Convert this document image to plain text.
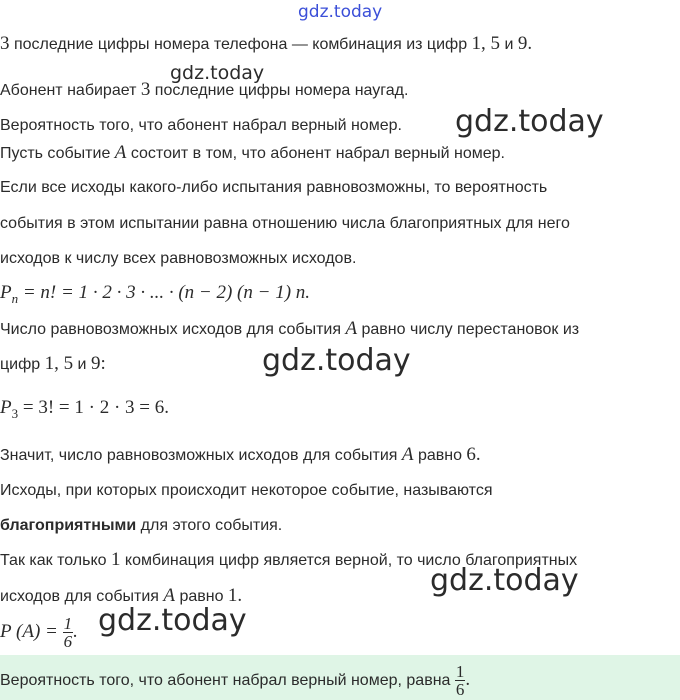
gdz.today
3 последние цифры номера телефона — комбинация из цифр 1, 5 и 9.
gdz.today
Абонент набирает 3 последние цифры номера наугад.
Вероятность того, что абонент набрал верный номер. gdz.today
Пусть событие A состоит в том, что абонент набрал верный номер.
Если все исходы какого-либо испытания равновозможны, то вероятность
события в этом испытании равна отношению числа благоприятных для него
исходов к числу всех равновозможных исходов.
$P_n = n$! = 1 · 2 · 3 · ... · (n − 2) (n − 1) n.
Число равновозможных исходов для события A равно числу перестановок из
цифр 1, 5 и 9:	gdz.today
$P_3 = 3$! = 1 · 2 · 3 = 6.
Значит, число равновозможных исходов для события A равно 6.
Исходы, при которых происходит некоторое событие, называются
благоприятными для этого события.
Так как только 1 комбинация цифр является верной, то число благоприятных
исходов для события A равно 1.	gdz.today
P $(A) = \frac{1}{6}$ . gdz.today
Вероятность того, что абонент набрал верный номер, равна $\frac{1}{6}$ .
